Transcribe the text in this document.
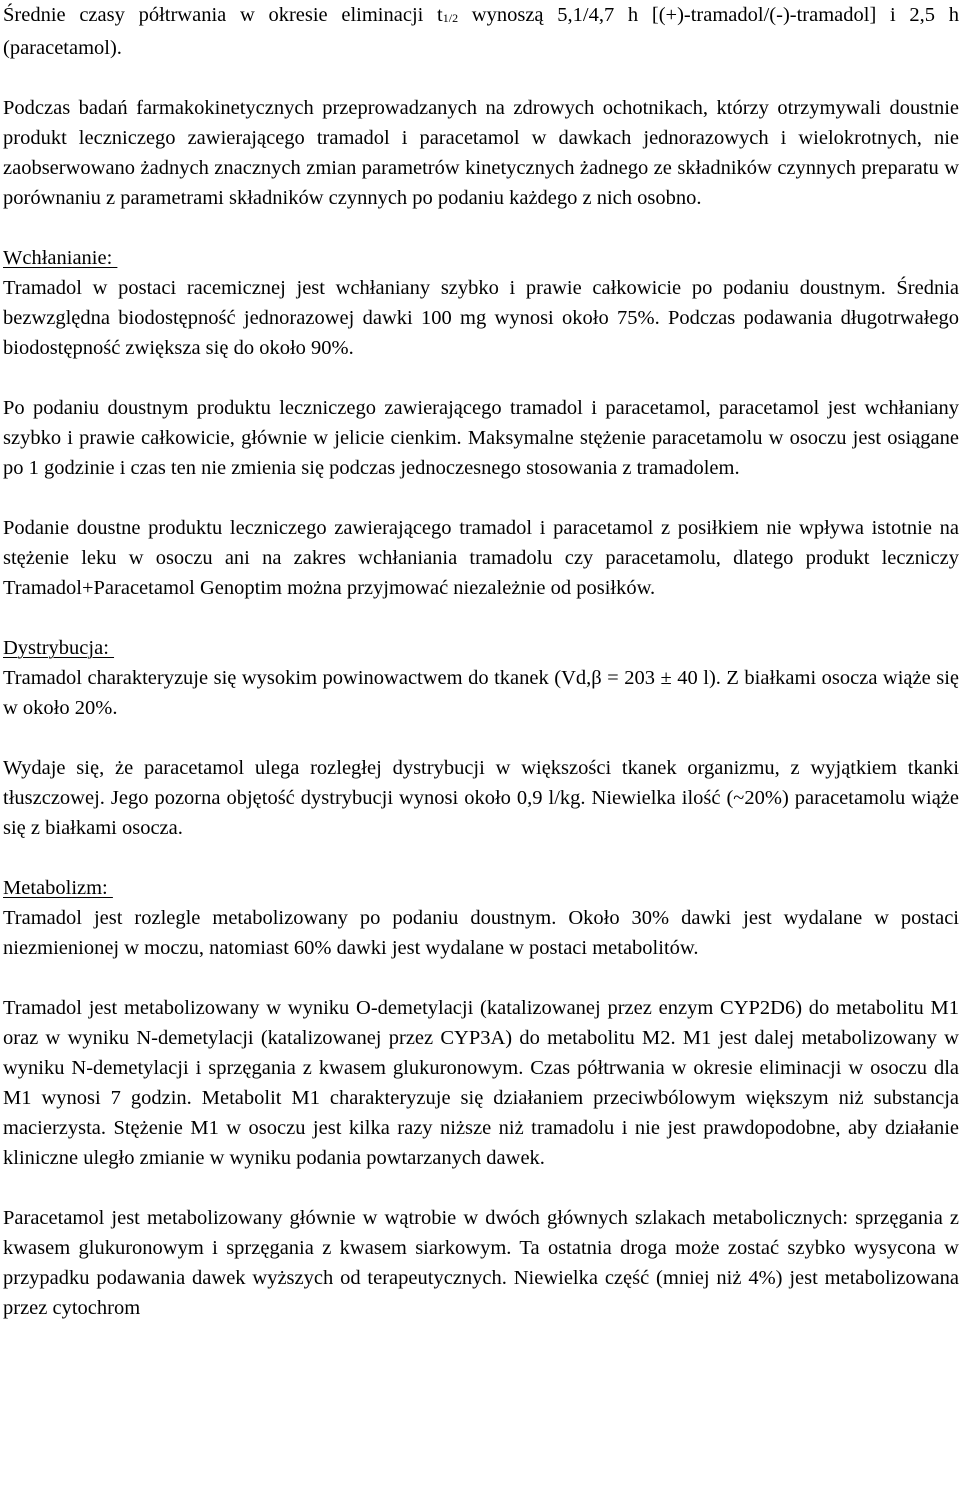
Średnie czasy półtrwania w okresie eliminacji t1/2 wynoszą 5,1/4,7 h [(+)-tramadol/(-)-tramadol] i 2,5 h (paracetamol).

Podczas badań farmakokinetycznych przeprowadzanych na zdrowych ochotnikach, którzy otrzymywali doustnie produkt leczniczego zawierającego tramadol i paracetamol w dawkach jednorazowych i wielokrotnych, nie zaobserwowano żadnych znacznych zmian parametrów kinetycznych żadnego ze składników czynnych preparatu w porównaniu z parametrami składników czynnych po podaniu każdego z nich osobno.

Wchłanianie:

Tramadol w postaci racemicznej jest wchłaniany szybko i prawie całkowicie po podaniu doustnym. Średnia bezwzględna biodostępność jednorazowej dawki 100 mg wynosi około 75%. Podczas podawania długotrwałego biodostępność zwiększa się do około 90%.

Po podaniu doustnym produktu leczniczego zawierającego tramadol i paracetamol, paracetamol jest wchłaniany szybko i prawie całkowicie, głównie w jelicie cienkim. Maksymalne stężenie paracetamolu w osoczu jest osiągane po 1 godzinie i czas ten nie zmienia się podczas jednoczesnego stosowania z tramadolem.

Podanie doustne produktu leczniczego zawierającego tramadol i paracetamol z posiłkiem nie wpływa istotnie na stężenie leku w osoczu ani na zakres wchłaniania tramadolu czy paracetamolu, dlatego produkt leczniczy Tramadol+Paracetamol Genoptim można przyjmować niezależnie od posiłków.

Dystrybucja:

Tramadol charakteryzuje się wysokim powinowactwem do tkanek (Vd,β = 203 ± 40 l). Z białkami osocza wiąże się w około 20%.

Wydaje się, że paracetamol ulega rozległej dystrybucji w większości tkanek organizmu, z wyjątkiem tkanki tłuszczowej. Jego pozorna objętość dystrybucji wynosi około 0,9 l/kg. Niewielka ilość (~20%) paracetamolu wiąże się z białkami osocza.

Metabolizm:

Tramadol jest rozlegle metabolizowany po podaniu doustnym. Około 30% dawki jest wydalane w postaci niezmienionej w moczu, natomiast 60% dawki jest wydalane w postaci metabolitów.

Tramadol jest metabolizowany w wyniku O-demetylacji (katalizowanej przez enzym CYP2D6) do metabolitu M1 oraz w wyniku N-demetylacji (katalizowanej przez CYP3A) do metabolitu M2. M1 jest dalej metabolizowany w wyniku N-demetylacji i sprzęgania z kwasem glukuronowym. Czas półtrwania w okresie eliminacji w osoczu dla M1 wynosi 7 godzin. Metabolit M1 charakteryzuje się działaniem przeciwbólowym większym niż substancja macierzysta. Stężenie M1 w osoczu jest kilka razy niższe niż tramadolu i nie jest prawdopodobne, aby działanie kliniczne uległo zmianie w wyniku podania powtarzanych dawek.

Paracetamol jest metabolizowany głównie w wątrobie w dwóch głównych szlakach metabolicznych: sprzęgania z kwasem glukuronowym i sprzęgania z kwasem siarkowym. Ta ostatnia droga może zostać szybko wysycona w przypadku podawania dawek wyższych od terapeutycznych. Niewielka część (mniej niż 4%) jest metabolizowana przez cytochrom
